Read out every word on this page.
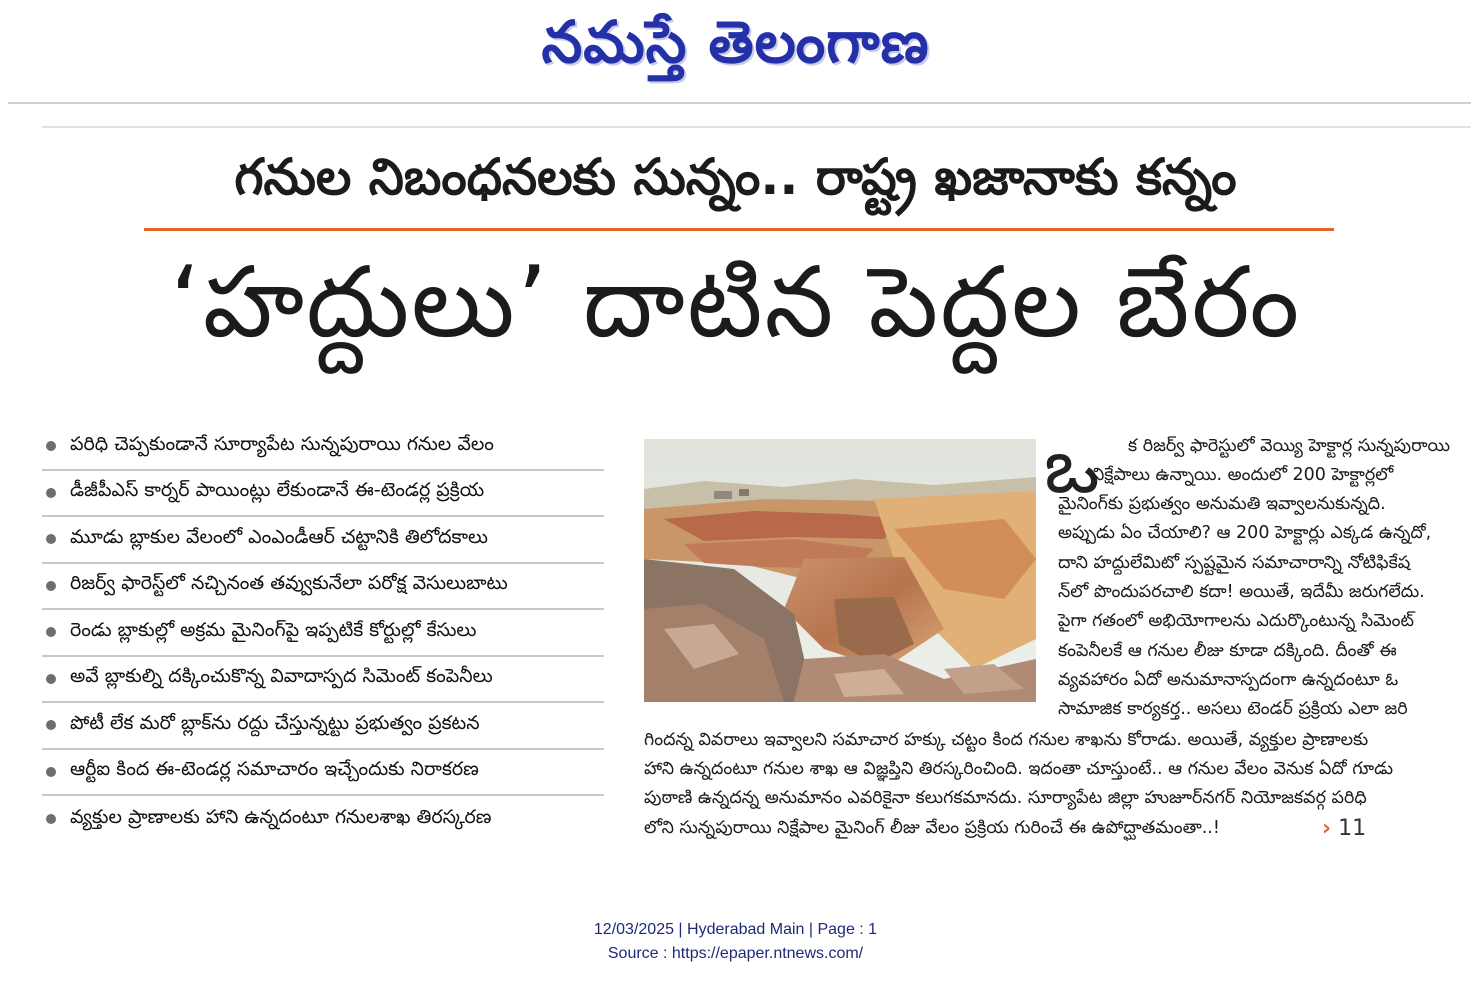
నమస్తే తెలంగాణ
గనుల నిబంధనలకు సున్నం.. రాష్ట్ర ఖజానాకు కన్నం
‘హద్దులు’ దాటిన పెద్దల బేరం
పరిధి చెప్పకుండానే సూర్యాపేట సున్నపురాయి గనుల వేలం
డీజీపీఎస్ కార్నర్ పాయింట్లు లేకుండానే ఈ-టెండర్ల ప్రక్రియ
మూడు బ్లాకుల వేలంలో ఎంఎండీఆర్ చట్టానికి తిలోదకాలు
రిజర్వ్ ఫారెస్ట్‌లో నచ్చినంత తవ్వుకునేలా పరోక్ష వెసులుబాటు
రెండు బ్లాకుల్లో అక్రమ మైనింగ్‌పై ఇప్పటికే కోర్టుల్లో కేసులు
అవే బ్లాకుల్ని దక్కించుకొన్న వివాదాస్పద సిమెంట్ కంపెనీలు
పోటీ లేక మరో బ్లాక్‌ను రద్దు చేస్తున్నట్టు ప్రభుత్వం ప్రకటన
ఆర్టీఐ కింద ఈ-టెండర్ల సమాచారం ఇచ్చేందుకు నిరాకరణ
వ్యక్తుల ప్రాణాలకు హాని ఉన్నదంటూ గనులశాఖ తిరస్కరణ
ఒ క రిజర్వ్ ఫారెస్టులో వెయ్యి హెక్టార్ల సున్నపురాయి
నిక్షేపాలు ఉన్నాయి. అందులో 200 హెక్టార్లలో
మైనింగ్‌కు ప్రభుత్వం అనుమతి ఇవ్వాలనుకున్నది.
అప్పుడు ఏం చేయాలి? ఆ 200 హెక్టార్లు ఎక్కడ ఉన్నదో,
దాని హద్దులేమిటో స్పష్టమైన సమాచారాన్ని నోటిఫికేష
న్‌లో పొందుపరచాలి కదా! అయితే, ఇదేమీ జరుగలేదు.
పైగా గతంలో అభియోగాలను ఎదుర్కొంటున్న సిమెంట్
కంపెనీలకే ఆ గనుల లీజు కూడా దక్కింది. దీంతో ఈ
వ్యవహారం ఏదో అనుమానాస్పదంగా ఉన్నదంటూ ఓ
సామాజిక కార్యకర్త.. అసలు టెండర్ ప్రక్రియ ఎలా జరి
గిందన్న వివరాలు ఇవ్వాలని సమాచార హక్కు చట్టం కింద గనుల శాఖను కోరాడు. అయితే, వ్యక్తుల ప్రాణాలకు
హాని ఉన్నదంటూ గనుల శాఖ ఆ విజ్ఞప్తిని తిరస్కరించింది. ఇదంతా చూస్తుంటే.. ఆ గనుల వేలం వెనుక ఏదో గూడు
పుఠాణి ఉన్నదన్న అనుమానం ఎవరికైనా కలుగకమానదు. సూర్యాపేట జిల్లా హుజూర్‌నగర్ నియోజకవర్గ పరిధి
లోని సున్నపురాయి నిక్షేపాల మైనింగ్ లీజు వేలం ప్రక్రియ గురించే ఈ ఉపోద్ఘాతమంతా..!	› 11
12/03/2025 | Hyderabad Main | Page : 1
Source : https://epaper.ntnews.com/
